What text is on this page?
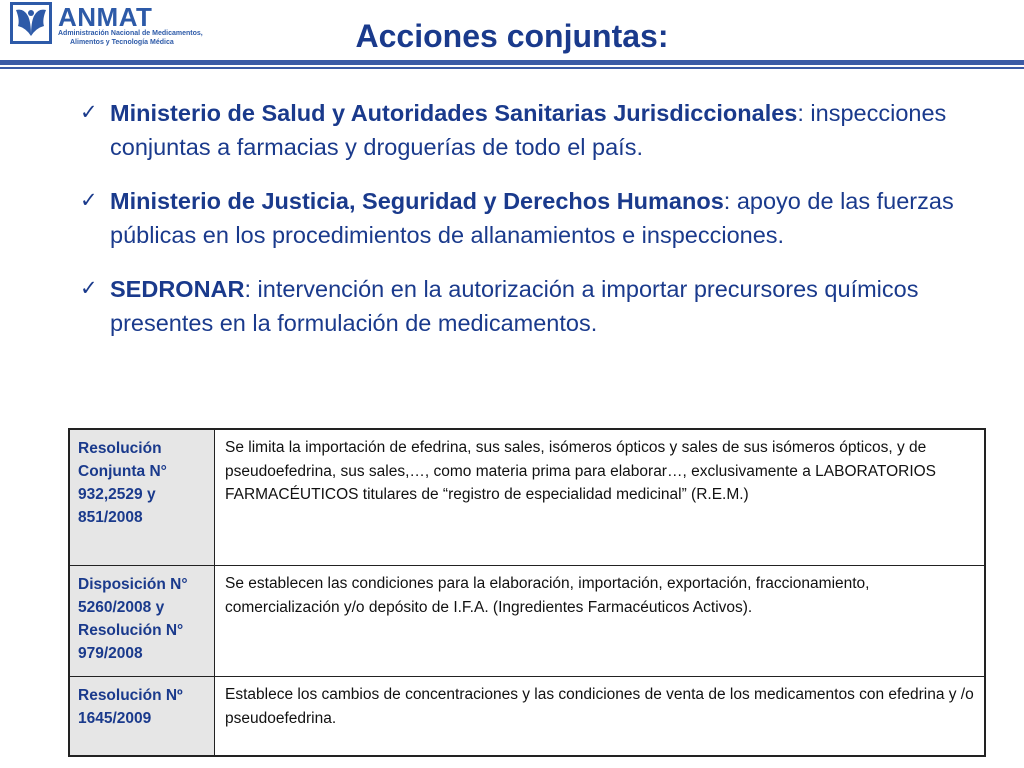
ANMAT
Administración Nacional de Medicamentos,
Alimentos y Tecnología Médica	Acciones conjuntas:
✓ Ministerio de Salud y Autoridades Sanitarias Jurisdiccionales: inspecciones conjuntas a farmacias y droguerías de todo el país.
✓ Ministerio de Justicia, Seguridad y Derechos Humanos: apoyo de las fuerzas públicas en los procedimientos de allanamientos e inspecciones.
✓ SEDRONAR: intervención en la autorización a importar precursores químicos presentes en la formulación de medicamentos.
Resolución Conjunta N° 932,2529 y 851/2008
Se limita la importación de efedrina, sus sales, isómeros ópticos y sales de sus isómeros ópticos, y de pseudoefedrina, sus sales,…, como materia prima para elaborar…, exclusivamente a LABORATORIOS FARMACÉUTICOS titulares de “registro de especialidad medicinal” (R.E.M.)
Disposición N° 5260/2008 y Resolución N° 979/2008
Se establecen las condiciones para la elaboración, importación, exportación, fraccionamiento, comercialización y/o depósito de I.F.A. (Ingredientes Farmacéuticos Activos).
Resolución Nº 1645/2009
Establece los cambios de concentraciones y las condiciones de venta de los medicamentos con efedrina y /o pseudoefedrina.
